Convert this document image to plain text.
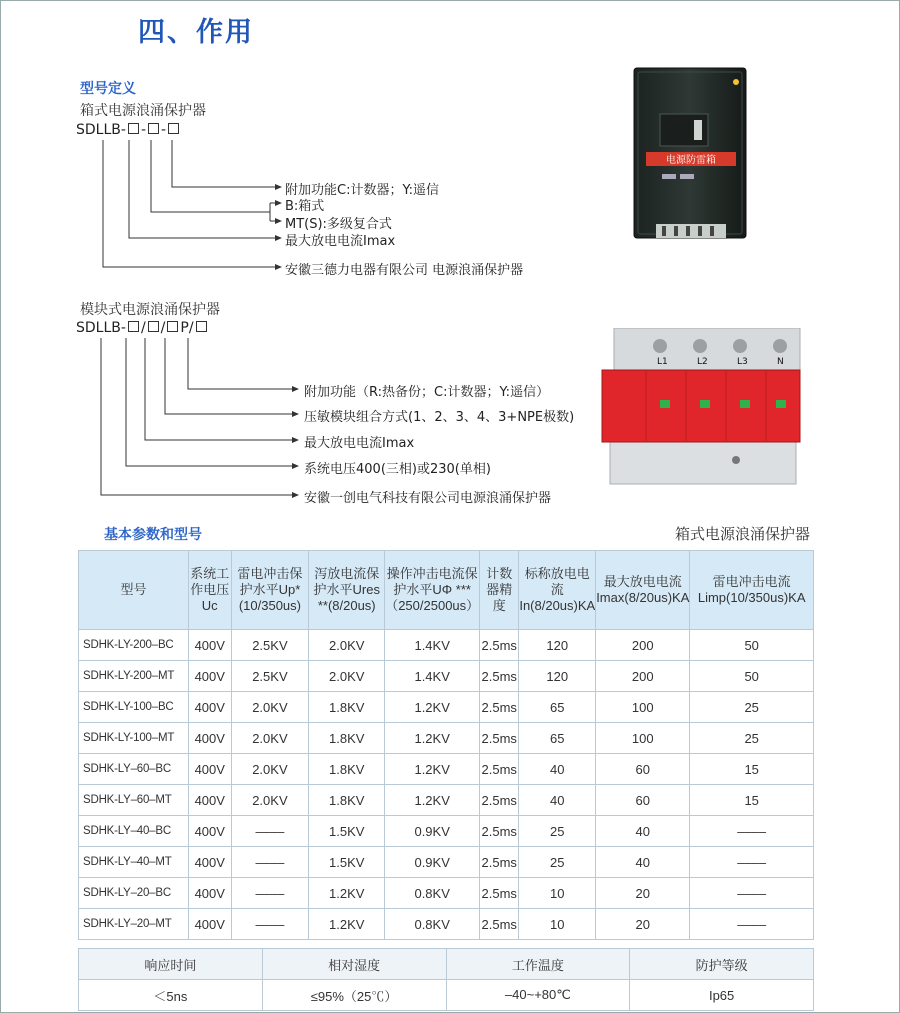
四、作用
型号定义
箱式电源浪涌保护器
SDLLB- - -
附加功能C:计数器；Y:遥信
B:箱式
MT(S):多级复合式
最大放电电流Imax
安徽三德力电器有限公司 电源浪涌保护器
模块式电源浪涌保护器
SDLLB- / / P/
附加功能（R:热备份；C:计数器；Y:遥信）
压敏模块组合方式(1、2、3、4、3+NPE极数)
最大放电电流Imax
系统电压400(三相)或230(单相)
安徽一创电气科技有限公司电源浪涌保护器
电源防雷箱
L1	L2	L3	N
基本参数和型号	箱式电源浪涌保护器
型号	系统工作电压Uc	雷电冲击保护水平Up*(10/350us)	泻放电流保护水平Ures **(8/20us)	操作冲击电流保护水平UΦ ***（250/2500us）	计数器精度	标称放电电流In(8/20us)KA	最大放电电流Imax(8/20us)KA	雷电冲击电流Limp(10/350us)KA
SDHK-LY-200–BC	400V	2.5KV	2.0KV	1.4KV	2.5ms	120	200	50
SDHK-LY-200–MT	400V	2.5KV	2.0KV	1.4KV	2.5ms	120	200	50
SDHK-LY-100–BC	400V	2.0KV	1.8KV	1.2KV	2.5ms	65	100	25
SDHK-LY-100–MT	400V	2.0KV	1.8KV	1.2KV	2.5ms	65	100	25
SDHK-LY–60–BC	400V	2.0KV	1.8KV	1.2KV	2.5ms	40	60	15
SDHK-LY–60–MT	400V	2.0KV	1.8KV	1.2KV	2.5ms	40	60	15
SDHK-LY–40–BC	400V	––––	1.5KV	0.9KV	2.5ms	25	40	––––
SDHK-LY–40–MT	400V	––––	1.5KV	0.9KV	2.5ms	25	40	––––
SDHK-LY–20–BC	400V	––––	1.2KV	0.8KV	2.5ms	10	20	––––
SDHK-LY–20–MT	400V	––––	1.2KV	0.8KV	2.5ms	10	20	––––
响应时间	相对湿度	工作温度	防护等级
＜5ns	≤95%（25℃）	–40~+80℃	Ip65
